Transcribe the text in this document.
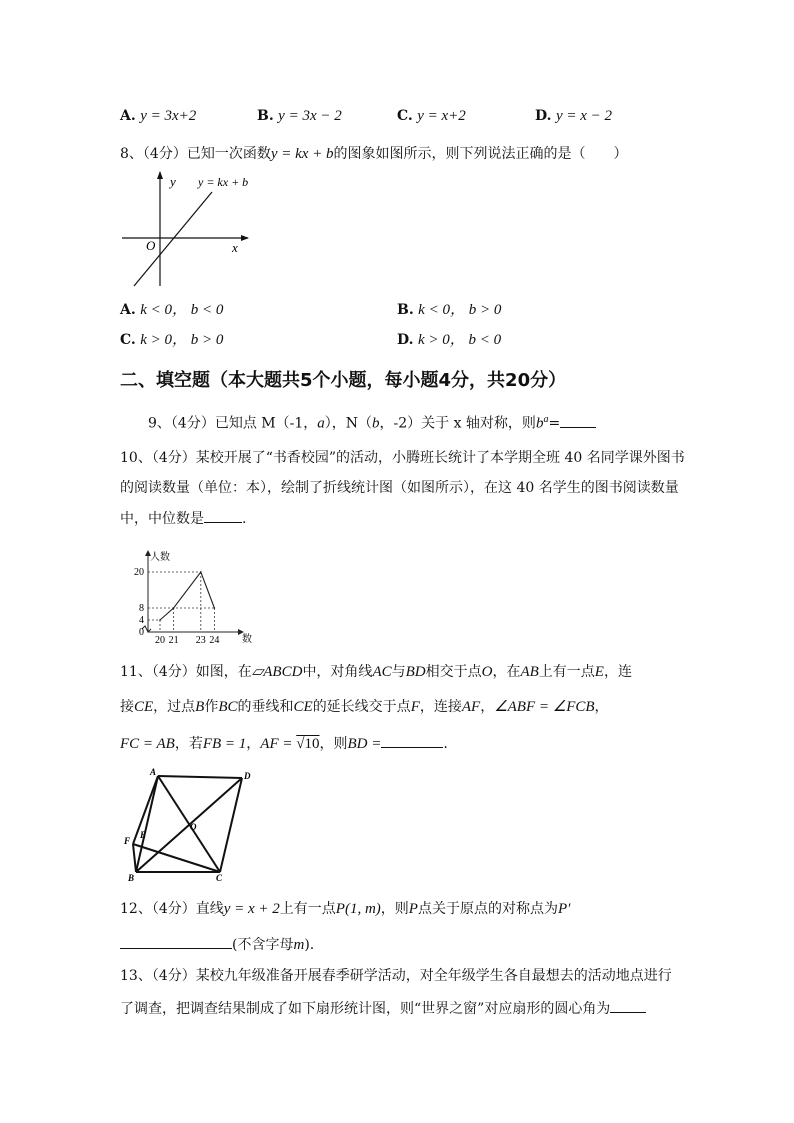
A. y = 3x+2	B. y = 3x − 2	C. y = x+2	D. y = x − 2
8、（4分）已知一次函数y = kx + b的图象如图所示，则下列说法正确的是（　　）
y y = kx + b
O	x
A. k < 0， b < 0	B. k < 0， b > 0
C. k > 0， b > 0	D. k > 0， b < 0
二、填空题（本大题共5个小题，每小题4分，共20分）
9、（4分）已知点 M（-1，a），N（b，-2）关于 x 轴对称，则$b^a=$
10、（4分）某校开展了“书香校园”的活动，小腾班长统计了本学期全班 40 名同学课外图书
的阅读数量（单位：本），绘制了折线统计图（如图所示），在这 40 名学生的图书阅读数量
中，中位数是	.
20 21 23 24
0
4
8
20
人数
数
11、（4分）如图，在▱ABCD中，对角线AC与BD相交于点O，在AB上有一点E，连
接CE，过点B作BC的垂线和CE的延长线交于点F，连接AF，∠ABF = ∠FCB，
FC = AB，若FB = 1，AF = √10，则BD =	.
A	D
E
F
O
B	C
12、（4分）直线y = x + 2上有一点P(1, m)，则P点关于原点的对称点为P′
(不含字母m).
13、（4分）某校九年级准备开展春季研学活动，对全年级学生各自最想去的活动地点进行
了调查，把调查结果制成了如下扇形统计图，则“世界之窗”对应扇形的圆心角为
